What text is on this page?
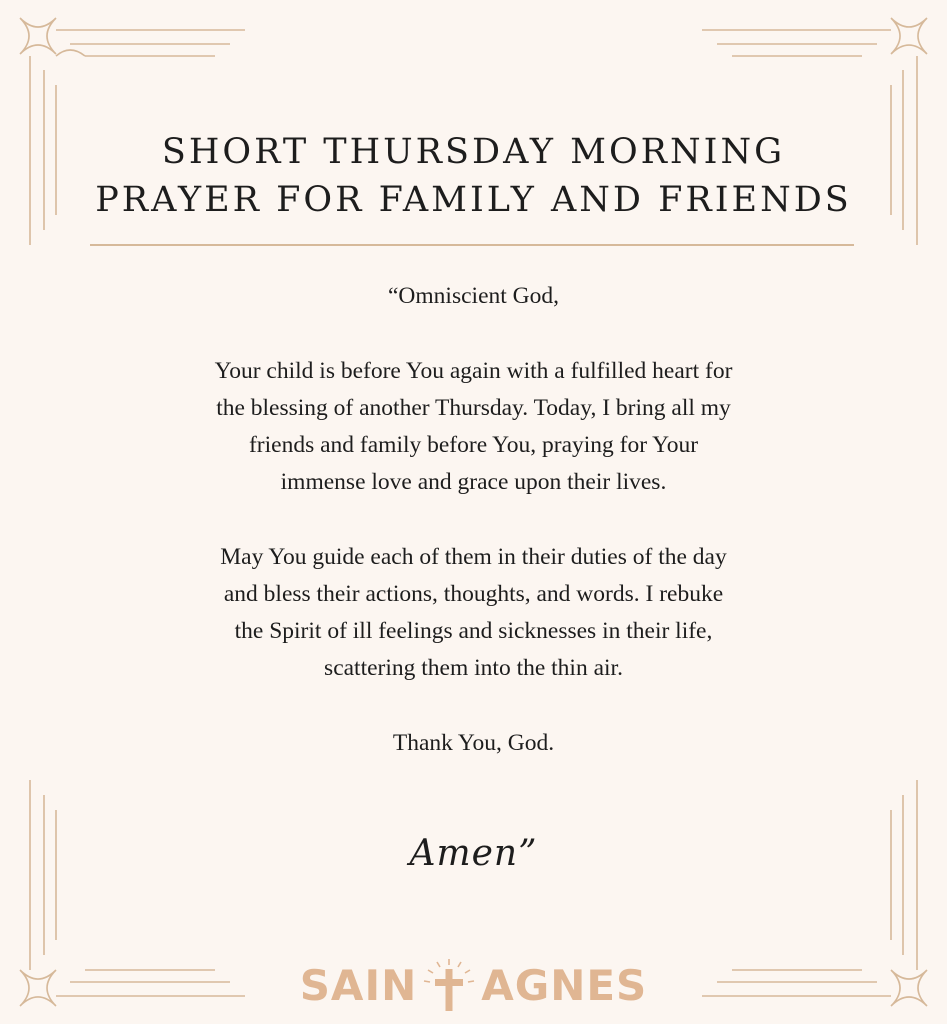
SHORT THURSDAY MORNING
PRAYER FOR FAMILY AND FRIENDS

“Omniscient God,

Your child is before You again with a fulfilled heart for

the blessing of another Thursday. Today, I bring all my

friends and family before You, praying for Your

immense love and grace upon their lives.

May You guide each of them in their duties of the day

and bless their actions, thoughts, and words. I rebuke

the Spirit of ill feelings and sicknesses in their life,

scattering them into the thin air.

Thank You, God.

Amen”
SAIN AGNES
